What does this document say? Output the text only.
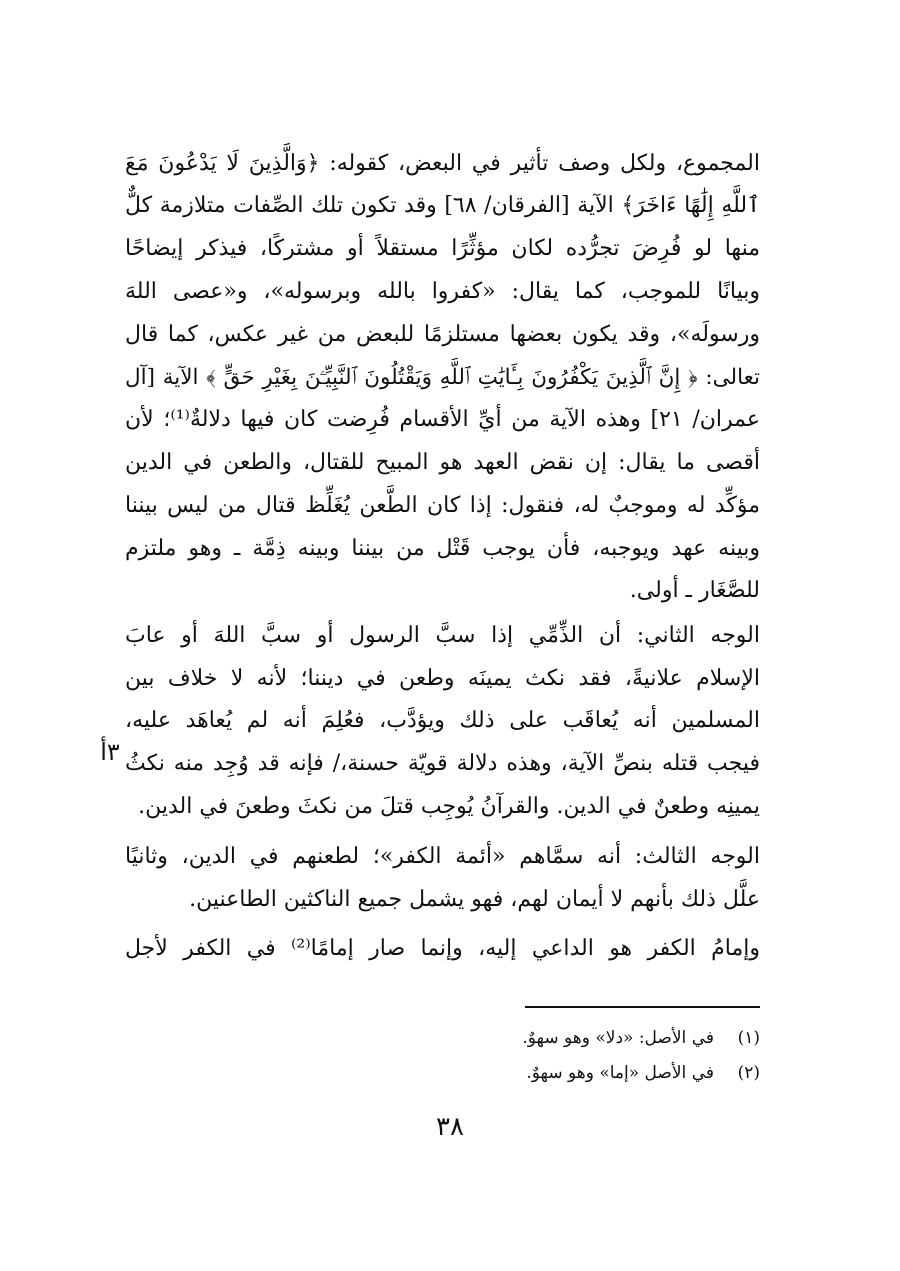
المجموع، ولكل وصف تأثير في البعض، كقوله: ﴿وَالَّذِينَ لَا يَدْعُونَ مَعَ
ٱللَّهِ إِلَٰهًا ءَاخَرَ﴾ الآية [الفرقان/ ٦٨] وقد تكون تلك الصِّفات متلازمة كلٌّ
منها لو فُرِضَ تجرُّده لكان مؤثِّرًا مستقلاً أو مشتركًا، فيذكر إيضاحًا
وبيانًا للموجب، كما يقال: «كفروا بالله وبرسوله»، و«عصى اللهَ
ورسولَه»، وقد يكون بعضها مستلزمًا للبعض من غير عكس، كما قال
تعالى: ﴿ إِنَّ ٱلَّذِينَ يَكْفُرُونَ بِـَٔايَٰتِ ٱللَّهِ وَيَقْتُلُونَ ٱلنَّبِيِّـۧنَ بِغَيْرِ حَقٍّ ﴾ الآية [آل
عمران/ ٢١] وهذه الآية من أيِّ الأقسام فُرِضت كان فيها دلالةٌ⁽¹⁾؛ لأن
أقصى ما يقال: إن نقض العهد هو المبيح للقتال، والطعن في الدين
مؤكِّد له وموجبٌ له، فنقول: إذا كان الطَّعن يُغَلِّظ قتال من ليس بيننا
وبينه عهد ويوجبه، فأن يوجب قَتْل من بيننا وبينه ذِمَّة ـ وهو ملتزم
للصَّغَار ـ أولى.
الوجه الثاني: أن الذِّمِّي إذا سبَّ الرسول أو سبَّ اللهَ أو عابَ
الإسلام علانيةً، فقد نكث يمينَه وطعن في ديننا؛ لأنه لا خلاف بين
المسلمين أنه يُعاقَب على ذلك ويؤدَّب، فعُلِمَ أنه لم يُعاهَد عليه،
فيجب قتله بنصِّ الآية، وهذه دلالة قويّة حسنة،/ فإنه قد وُجِد منه نكثُ
يمينِه وطعنٌ في الدين. والقرآنُ يُوجِب قتلَ من نكثَ وطعنَ في الدين.
الوجه الثالث: أنه سمَّاهم «أئمة الكفر»؛ لطعنهم في الدين، وثانيًا
علَّل ذلك بأنهم لا أيمان لهم، فهو يشمل جميع الناكثين الطاعنين.
وإمامُ الكفر هو الداعي إليه، وإنما صار إمامًا⁽²⁾ في الكفر لأجل
٣أ
(١)في الأصل: «دلا» وهو سهوٌ.
(٢)في الأصل «إما» وهو سهوٌ.
٣٨
